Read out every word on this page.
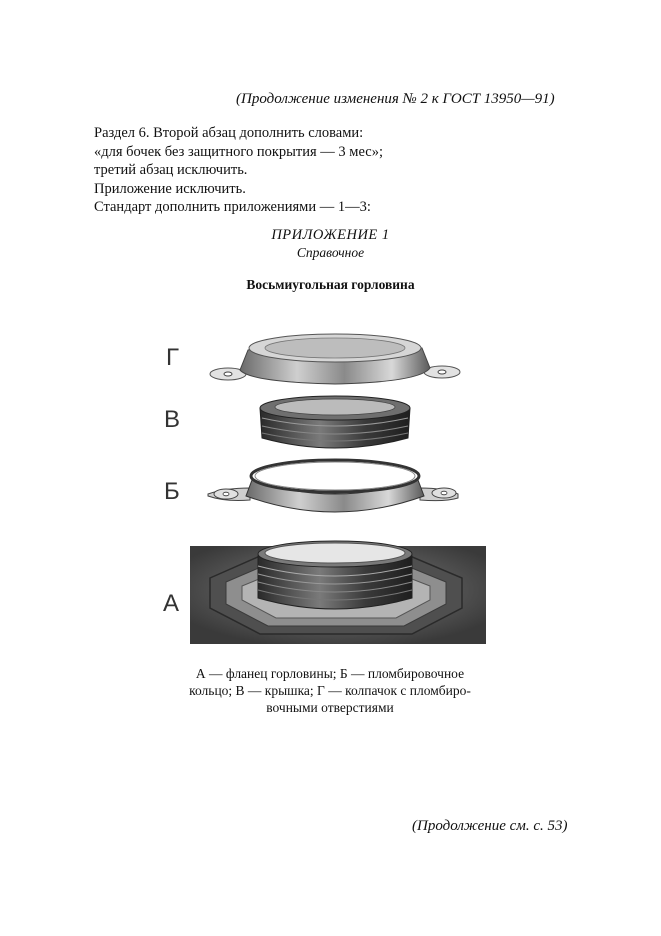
(Продолжение изменения № 2 к ГОСТ 13950—91)
Раздел 6. Второй абзац дополнить словами:
«для бочек без защитного покрытия — 3 мес»;
третий абзац исключить.
Приложение исключить.
Стандарт дополнить приложениями — 1—3:
ПРИЛОЖЕНИЕ 1
Справочное
Восьмиугольная горловина
Г
В
Б
А
А — фланец горловины; Б — пломбировочное
кольцо; В — крышка; Г — колпачок с пломбиро-
вочными отверстиями
(Продолжение см. с. 53)
